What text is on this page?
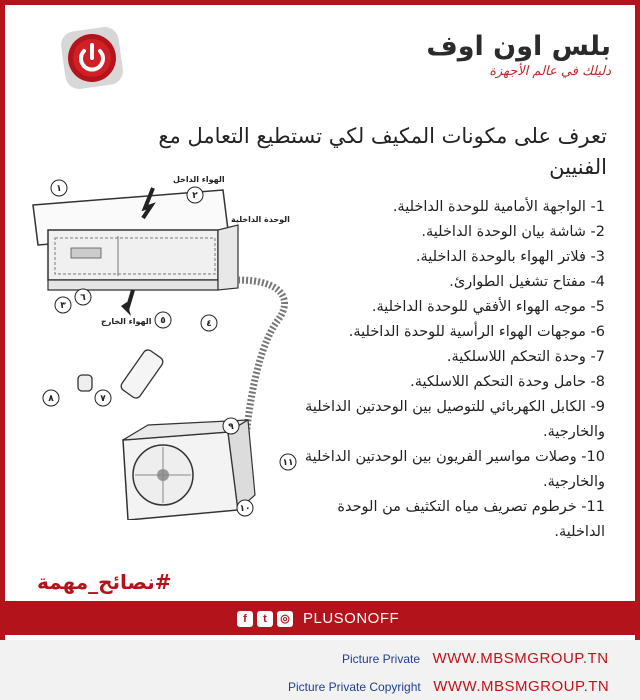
بلس اون اوف
دليلك في عالم الأجهزة
تعرف على مكونات المكيف لكي تستطيع التعامل مع الفنيين
الهواء الداخل
الوحدة الداخلية
الهواء الخارج
١
٢
٣
٤
٥
٦
٧
٨
٩
١٠
١١
1- الواجهة الأمامية للوحدة الداخلية.
2- شاشة بيان الوحدة الداخلية.
3- فلاتر الهواء بالوحدة الداخلية.
4- مفتاح تشغيل الطوارئ.
5- موجه الهواء الأفقي للوحدة الداخلية.
6- موجهات الهواء الرأسية للوحدة الداخلية.
7- وحدة التحكم اللاسلكية.
8- حامل وحدة التحكم اللاسلكية.
9- الكابل الكهربائي للتوصيل بين الوحدتين الداخلية والخارجية.
10- وصلات مواسير الفريون بين الوحدتين الداخلية والخارجية.
11- خرطوم تصريف مياه التكثيف من الوحدة الداخلية.
#نصائح_مهمة
f	t	◎ PLUSONOFF
Picture Private WWW.MBSMGROUP.TN
Picture Private Copyright WWW.MBSMGROUP.TN
